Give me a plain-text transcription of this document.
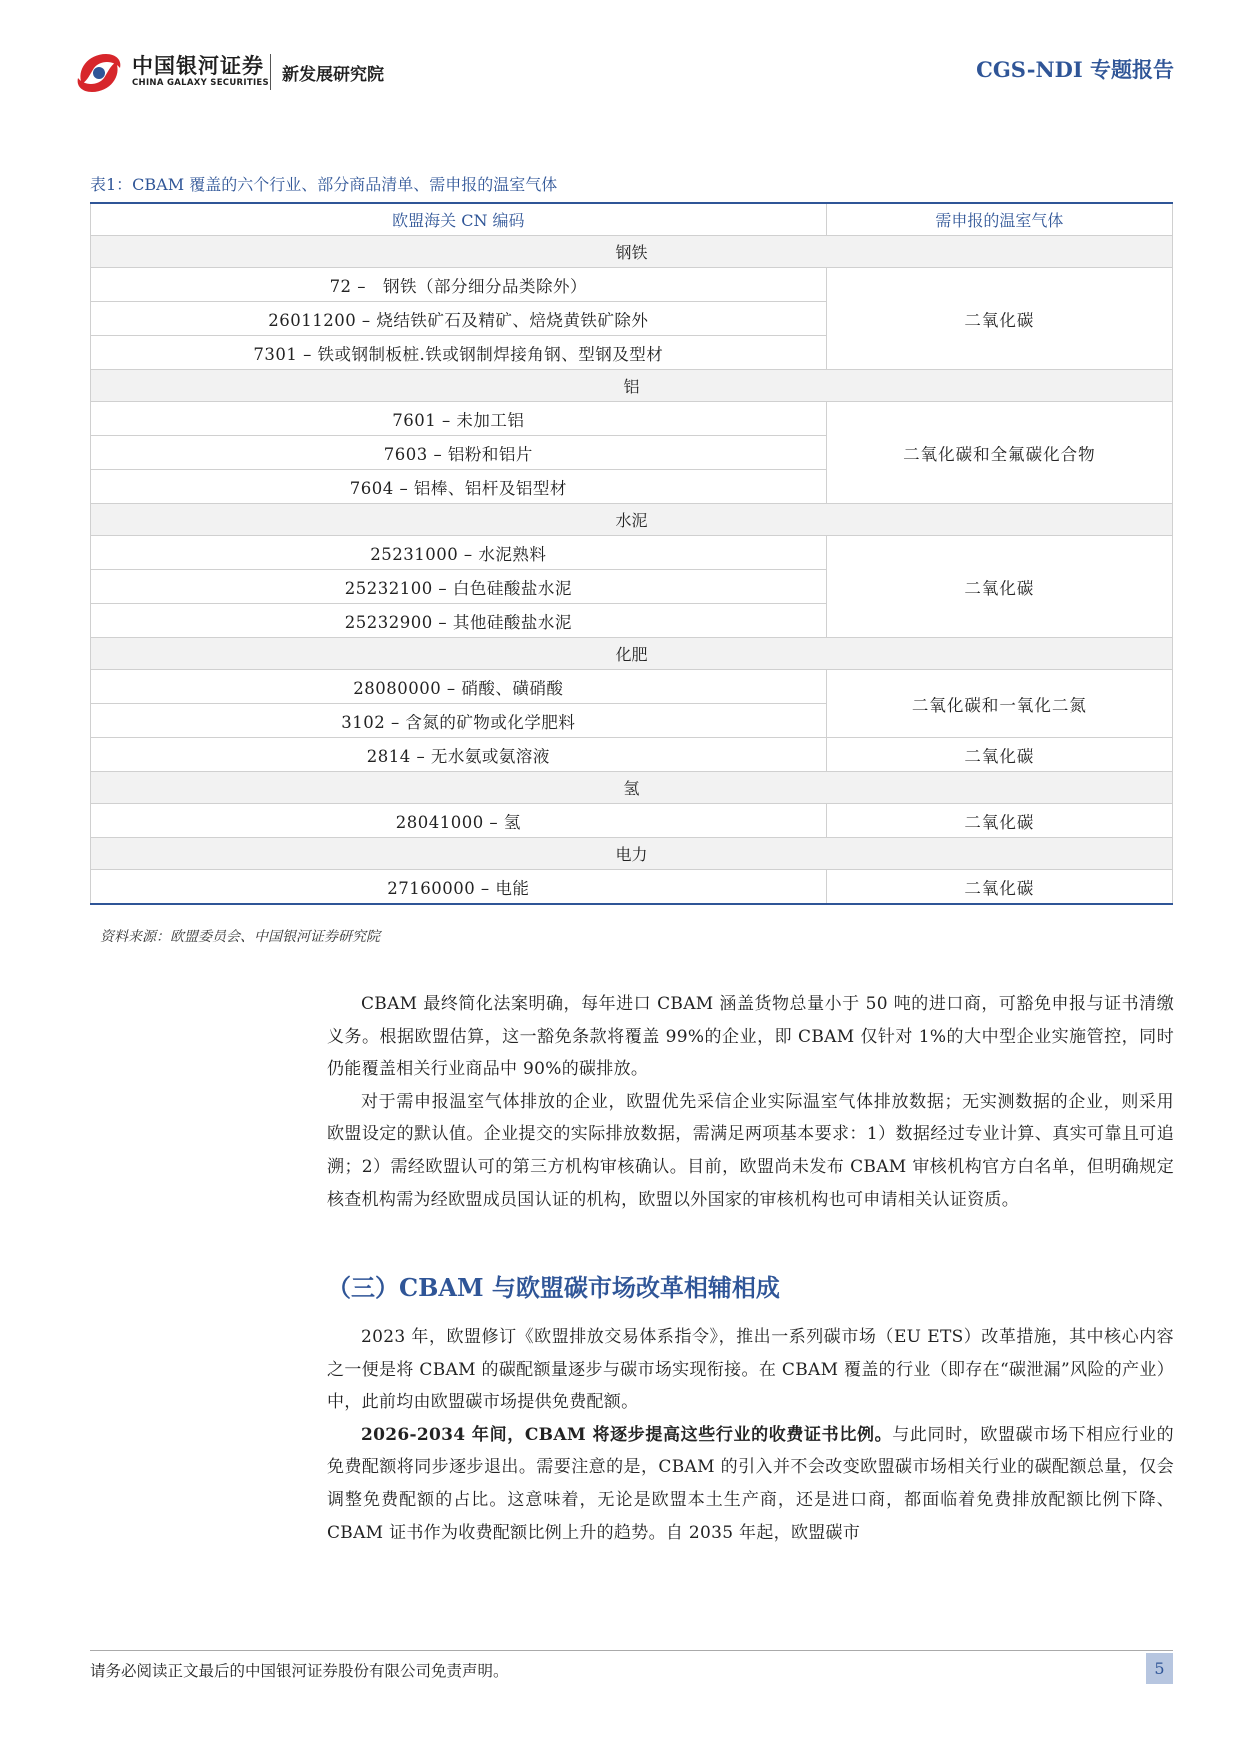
中国银河证券
CHINA GALAXY SECURITIES 新发展研究院	CGS-NDI 专题报告
表1：CBAM 覆盖的六个行业、部分商品清单、需申报的温室气体
欧盟海关 CN 编码	需申报的温室气体
钢铁	
72 –　钢铁（部分细分品类除外）	二氧化碳
26011200 – 烧结铁矿石及精矿、焙烧黄铁矿除外	
7301 – 铁或钢制板桩.铁或钢制焊接角钢、型钢及型材	
铝	
7601 – 未加工铝	二氧化碳和全氟碳化合物
7603 – 铝粉和铝片	
7604 – 铝棒、铝杆及铝型材	
水泥	
25231000 – 水泥熟料	二氧化碳
25232100 – 白色硅酸盐水泥	
25232900 – 其他硅酸盐水泥	
化肥	
28080000 – 硝酸、磺硝酸	二氧化碳和一氧化二氮
3102 – 含氮的矿物或化学肥料	
2814 – 无水氨或氨溶液	二氧化碳
氢	
28041000 – 氢	二氧化碳
电力	
27160000 – 电能	二氧化碳
资料来源：欧盟委员会、中国银河证券研究院

CBAM 最终简化法案明确，每年进口 CBAM 涵盖货物总量小于 50 吨的进口商，可豁免申报与证书清缴义务。根据欧盟估算，这一豁免条款将覆盖 99%的企业，即 CBAM 仅针对 1%的大中型企业实施管控，同时仍能覆盖相关行业商品中 90%的碳排放。

对于需申报温室气体排放的企业，欧盟优先采信企业实际温室气体排放数据；无实测数据的企业，则采用欧盟设定的默认值。企业提交的实际排放数据，需满足两项基本要求：1）数据经过专业计算、真实可靠且可追溯；2）需经欧盟认可的第三方机构审核确认。目前，欧盟尚未发布 CBAM 审核机构官方白名单，但明确规定核查机构需为经欧盟成员国认证的机构，欧盟以外国家的审核机构也可申请相关认证资质。

（三）CBAM 与欧盟碳市场改革相辅相成

2023 年，欧盟修订《欧盟排放交易体系指令》，推出一系列碳市场（EU ETS）改革措施，其中核心内容之一便是将 CBAM 的碳配额量逐步与碳市场实现衔接。在 CBAM 覆盖的行业（即存在“碳泄漏”风险的产业）中，此前均由欧盟碳市场提供免费配额。

2026-2034 年间，CBAM 将逐步提高这些行业的收费证书比例。与此同时，欧盟碳市场下相应行业的免费配额将同步逐步退出。需要注意的是，CBAM 的引入并不会改变欧盟碳市场相关行业的碳配额总量，仅会调整免费配额的占比。这意味着，无论是欧盟本土生产商，还是进口商，都面临着免费排放配额比例下降、CBAM 证书作为收费配额比例上升的趋势。自 2035 年起，欧盟碳市

请务必阅读正文最后的中国银河证券股份有限公司免责声明。	5
